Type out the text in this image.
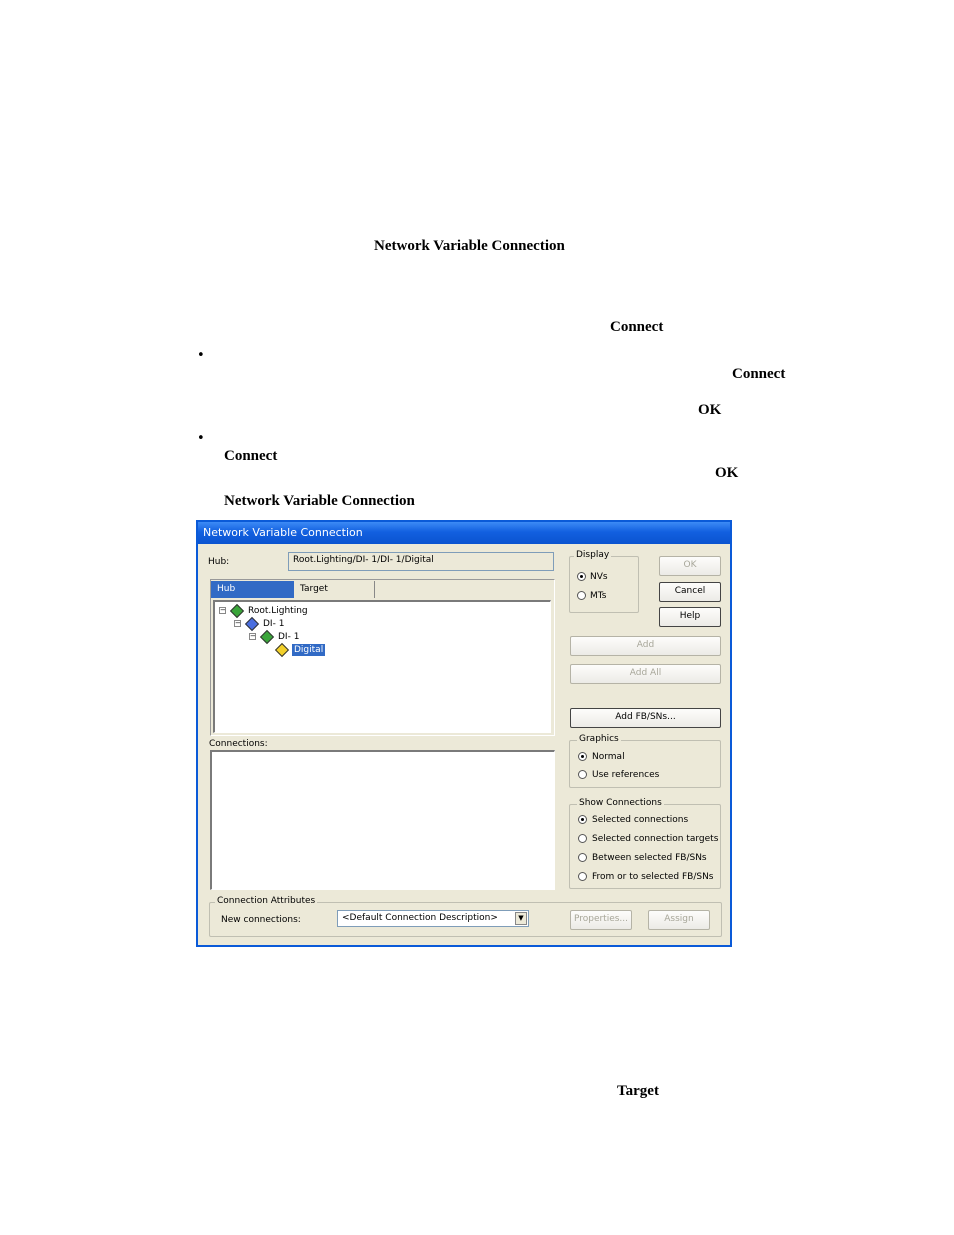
Network Variable Connection
Connect
•
Connect
OK
•
Connect
OK
Network Variable Connection
Target
Network Variable Connection
Hub:	Root.Lighting/DI- 1/DI- 1/Digital
Hub	Target
− Root.Lighting
− DI- 1
− DI- 1
Digital
Connections:
Display
NVs
MTs
OK
Cancel
Help
Add
Add All
Add FB/SNs...
Graphics
Normal
Use references
Show Connections
Selected connections
Selected connection targets
Between selected FB/SNs
From or to selected FB/SNs
Connection Attributes
New connections:	<Default Connection Description>	▼	Properties...	Assign
